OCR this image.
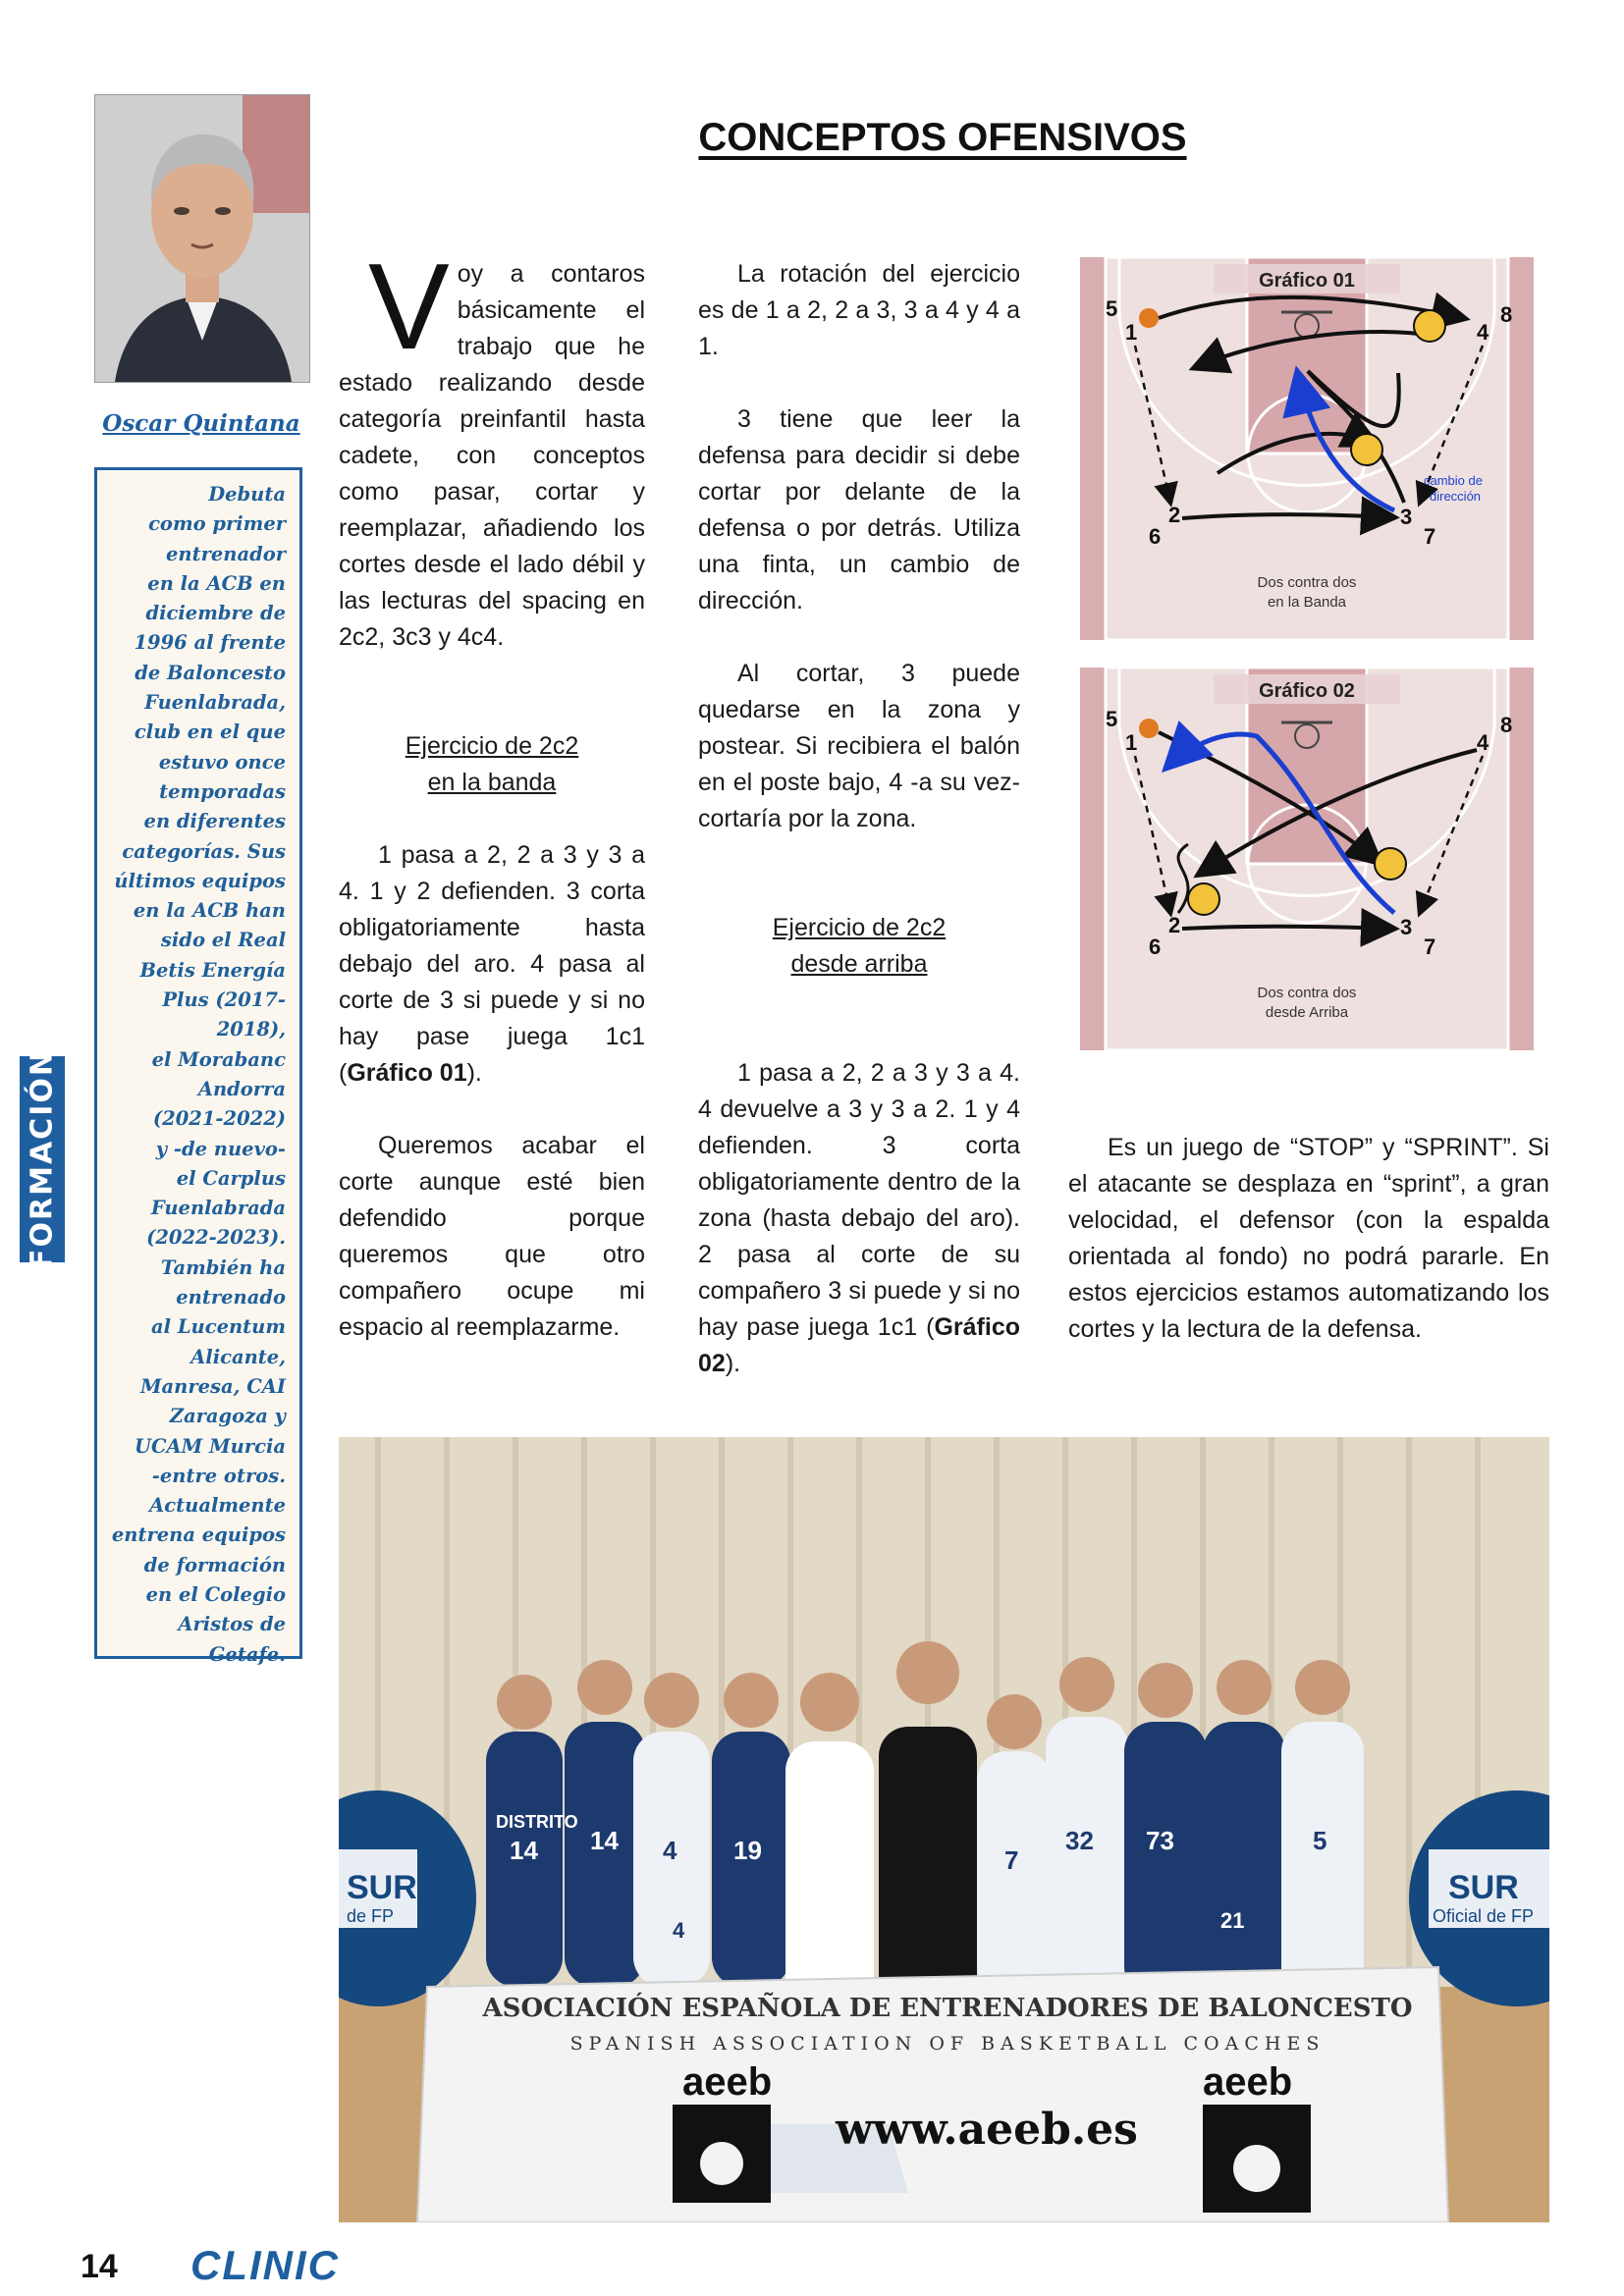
Oscar Quintana
Debuta
como primer
entrenador
en la ACB en
diciembre de
1996 al frente
de Baloncesto
Fuenlabrada,
club en el que
estuvo once
temporadas
en diferentes
categorías. Sus
últimos equipos
en la ACB han
sido el Real
Betis Energía
Plus (2017-2018),
el Morabanc
Andorra
(2021-2022)
y -de nuevo-
el Carplus
Fuenlabrada
(2022-2023).
También ha
entrenado
al Lucentum
Alicante,
Manresa, CAI
Zaragoza y
UCAM Murcia
-entre otros.
Actualmente
entrena equipos
de formación
en el Colegio
Aristos de
Getafe.
FORMACIÓN
CONCEPTOS OFENSIVOS

Voy a contaros básicamente el trabajo que he estado realizando desde categoría preinfantil hasta cadete, con conceptos como pasar, cortar y reemplazar, añadiendo los cortes desde el lado débil y las lecturas del spacing en 2c2, 3c3 y 4c4.

Ejercicio de 2c2

en la banda

1 pasa a 2, 2 a 3 y 3 a 4. 1 y 2 defienden. 3 corta obligatoriamente hasta debajo del aro. 4 pasa al corte de 3 si puede y si no hay pase juega 1c1 (Gráfico 01).

Queremos acabar el corte aunque esté bien defendido porque queremos que otro compañero ocupe mi espacio al reemplazarme.

La rotación del ejercicio es de 1 a 2, 2 a 3, 3 a 4 y 4 a 1.

3 tiene que leer la defensa para decidir si debe cortar por delante de la defensa o por detrás. Utiliza una finta, un cambio de dirección.

Al cortar, 3 puede quedarse en la zona y postear. Si recibiera el balón en el poste bajo, 4 -a su vez- cortaría por la zona.

Ejercicio de 2c2

desde arriba

1 pasa a 2, 2 a 3 y 3 a 4. 4 devuelve a 3 y 3 a 2. 1 y 4 defienden. 3 corta obligatoriamente dentro de la zona (hasta debajo del aro). 2 pasa al corte de su compañero 3 si puede y si no hay pase juega 1c1 (Gráfico 02).

Es un juego de “STOP” y “SPRINT”. Si el atacante se desplaza en “sprint”, a gran velocidad, el defensor (con la espalda orientada al fondo) no podrá pararle. En estos ejercicios estamos automatizando los cortes y la lectura de la defensa.

Gráfico 01
5
1
8
4
2	3
6	7
cambio de
dirección
Dos contra dos
en la Banda
Gráfico 02
5
1
8
4
2	3
6	7
Dos contra dos
desde Arriba
SUR
de FP
SUR
Oficial de FP
DISTRITO
14 14 4 19
4
7
32 73	5
21
ASOCIACIÓN ESPAÑOLA DE ENTRENADORES DE BALONCESTO
SPANISH ASSOCIATION OF BASKETBALL COACHES
aeeb	aeeb
www.aeeb.es
14 CLINIC
